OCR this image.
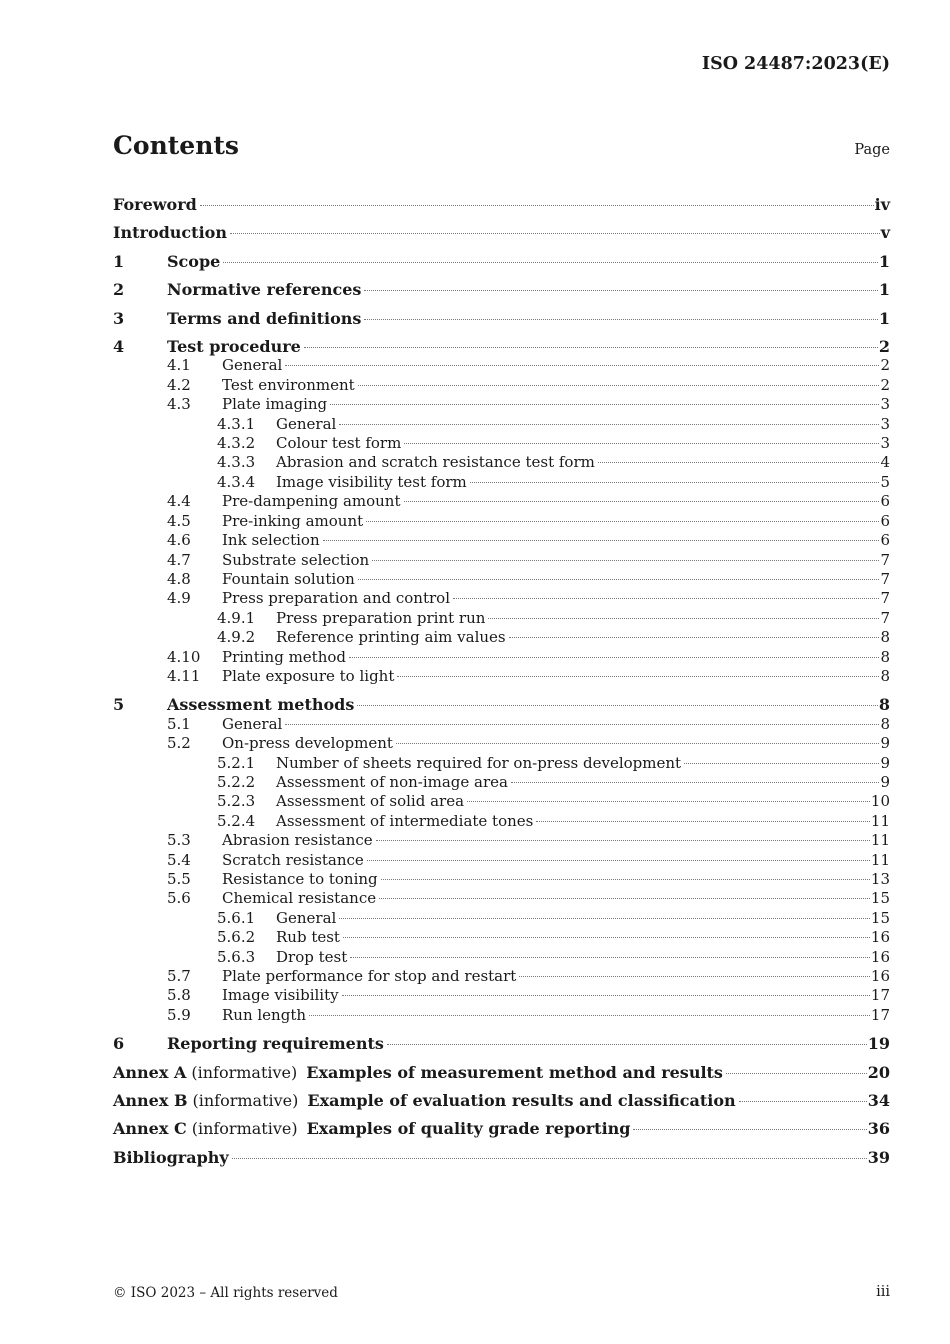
ISO 24487:2023(E)
Contents	Page
Foreword	iv
Introduction	v
1	Scope	1
2	Normative references	1
3	Terms and definitions	1
4	Test procedure	2
4.1	General	2
4.2	Test environment	2
4.3	Plate imaging	3
4.3.1	General	3
4.3.2	Colour test form	3
4.3.3	Abrasion and scratch resistance test form	4
4.3.4	Image visibility test form	5
4.4	Pre-dampening amount	6
4.5	Pre-inking amount	6
4.6	Ink selection	6
4.7	Substrate selection	7
4.8	Fountain solution	7
4.9	Press preparation and control	7
4.9.1	Press preparation print run	7
4.9.2	Reference printing aim values	8
4.10	Printing method	8
4.11	Plate exposure to light	8
5	Assessment methods	8
5.1	General	8
5.2	On-press development	9
5.2.1	Number of sheets required for on-press development	9
5.2.2	Assessment of non-image area	9
5.2.3	Assessment of solid area	10
5.2.4	Assessment of intermediate tones	11
5.3	Abrasion resistance	11
5.4	Scratch resistance	11
5.5	Resistance to toning	13
5.6	Chemical resistance	15
5.6.1	General	15
5.6.2	Rub test	16
5.6.3	Drop test	16
5.7	Plate performance for stop and restart	16
5.8	Image visibility	17
5.9	Run length	17
6	Reporting requirements	19
Annex A (informative) Examples of measurement method and results	20
Annex B (informative) Example of evaluation results and classification	34
Annex C (informative) Examples of quality grade reporting	36
Bibliography	39
© ISO 2023 – All rights reserved	iii
